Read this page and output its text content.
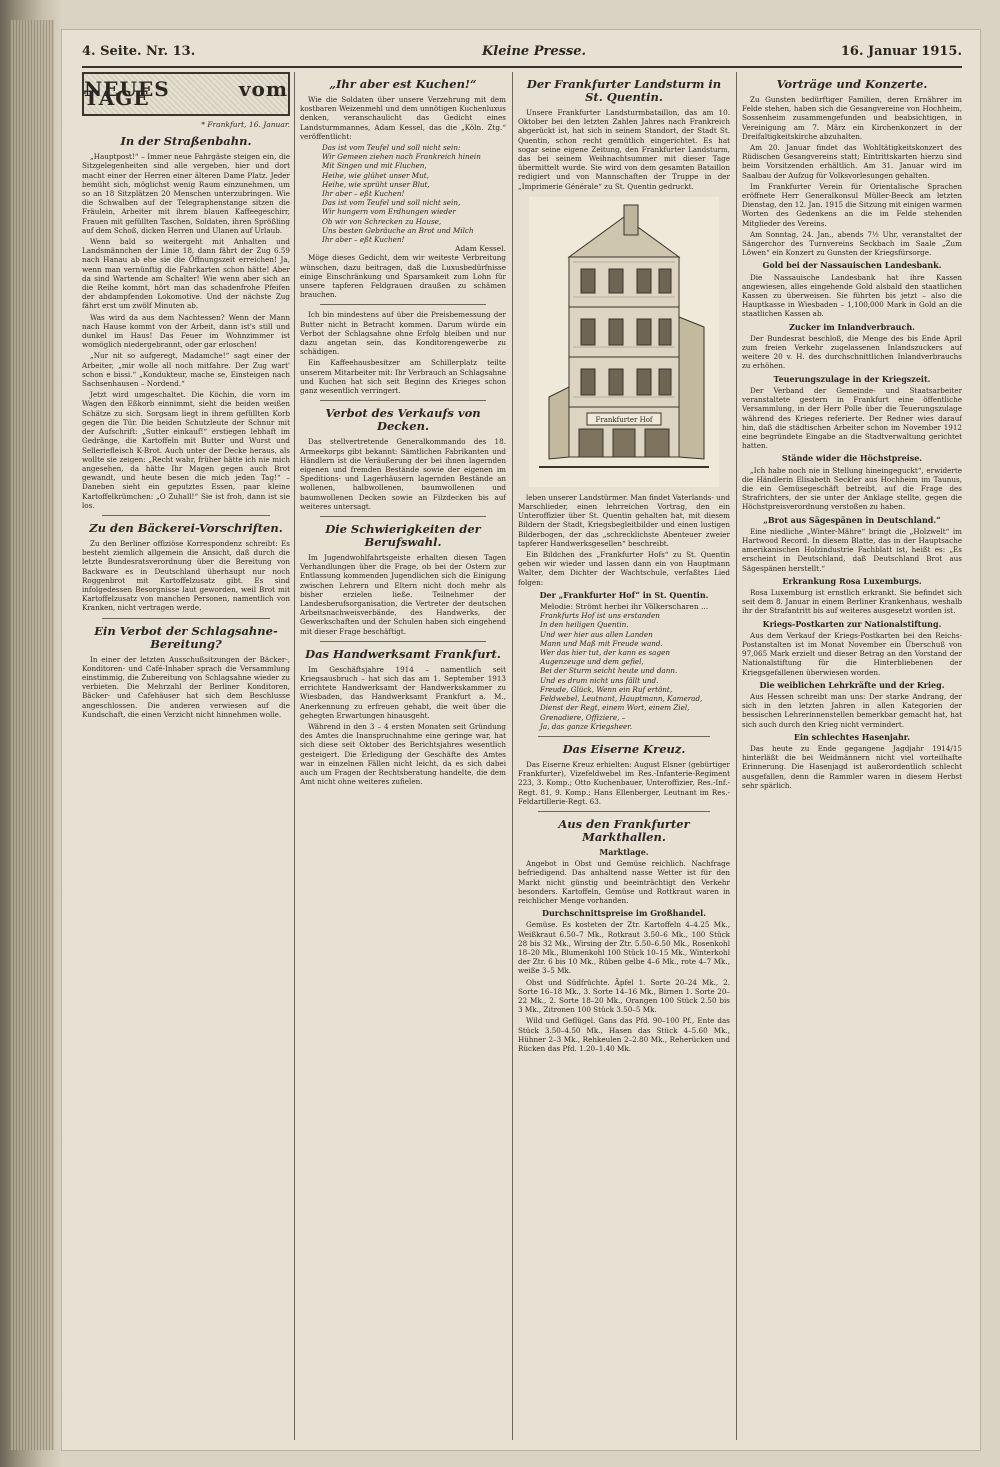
4. Seite. Nr. 13.	Kleine Presse.	16. Januar 1915.
NEUES vom TAGE
* Frankfurt, 16. Januar.
In der Straßenbahn.

„Hauptpost!“ – Immer neue Fahrgäste steigen ein, die Sitzgelegenheiten sind alle vergeben, hier und dort macht einer der Herren einer älteren Dame Platz. Jeder bemüht sich, möglichst wenig Raum einzunehmen, um so an 18 Sitzplätzen 20 Menschen unterzubringen. Wie die Schwalben auf der Telegraphenstange sitzen die Fräulein, Arbeiter mit ihrem blauen Kaffeegeschirr, Frauen mit gefüllten Taschen, Soldaten, ihren Sprößling auf dem Schoß, dicken Herren und Ulanen auf Urlaub.

Wenn bald so weitergeht mit Anhalten und Landsmännchen der Linie 18, dann fährt der Zug 6.59 nach Hanau ab ehe sie die Öffnungszeit erreichen! Ja, wenn man vernünftig die Fahrkarten schon hätte! Aber da sind Wartende am Schalter! Wie wenn aber sich an die Reihe kommt, hört man das schadenfrohe Pfeifen der abdampfenden Lokomotive. Und der nächste Zug fährt erst um zwölf Minuten ab.

Was wird da aus dem Nachtessen? Wenn der Mann nach Hause kommt von der Arbeit, dann ist's still und dunkel im Haus! Das Feuer im Wohnzimmer ist womöglich niedergebrannt, oder gar erloschen!

„Nur nit so aufgeregt, Madamche!“ sagt einer der Arbeiter, „mir wolle all noch mitfahre. Der Zug wart' schon e bissi.“ „Kondukteur, mache se, Einsteigen nach Sachsenhausen – Nordend.“

Jetzt wird umgeschaltet. Die Köchin, die vorn im Wagen den Eßkorb einnimmt, sieht die beiden weißen Schätze zu sich. Sorgsam liegt in ihrem gefüllten Korb gegen die Tür. Die beiden Schutzleute der Schnur mit der Aufschrift: „Sutter einkauf!“ erstiegen lebhaft im Gedränge, die Kartoffeln mit Butter und Wurst und Selleriefleisch K-Brot. Auch unter der Decke heraus, als wollte sie zeigen: „Recht wahr, früher hätte ich nie mich angesehen, da hätte Ihr Magen gegen auch Brot gewandt, und heute besen die mich jeden Tag!“ – Daneben sieht ein geputztes Essen, paar kleine Kartoffelkrümchen: „O Zuhall!“ Sie ist froh, dann ist sie los.

Zu den Bäckerei-Vorschriften.

Zu den Berliner offiziöse Korrespondenz schreibt: Es besteht ziemlich allgemein die Ansicht, daß durch die letzte Bundesratsverordnung über die Bereitung von Backware es in Deutschland überhaupt nur noch Roggenbrot mit Kartoffelzusatz gibt. Es sind infolgedessen Besorgnisse laut geworden, weil Brot mit Kartoffelzusatz von manchen Personen, namentlich von Kranken, nicht vertragen werde.

Ein Verbot der Schlagsahne-Bereitung?

In einer der letzten Ausschußsitzungen der Bäcker-, Konditoren- und Café-Inhaber sprach die Versammlung einstimmig, die Zubereitung von Schlagsahne wieder zu verbieten. Die Mehrzahl der Berliner Konditoren, Bäcker- und Cafehäuser hat sich dem Beschlusse angeschlossen. Die anderen verwiesen auf die Kundschaft, die einen Verzicht nicht hinnehmen wolle.

„Ihr aber est Kuchen!“

Wie die Soldaten über unsere Verzehrung mit dem kostbaren Weizenmehl und dem unnötigen Kuchenluxus denken, veranschaulicht das Gedicht eines Landsturmmannes, Adam Kessel, das die „Köln. Ztg.“ veröffentlicht:

Das ist vom Teufel und soll nicht sein:
Wir Gemeen ziehen nach Frankreich hinein
Mit Singen und mit Fluchen,
Heihe, wie glühet unser Mut,
Heihe, wie sprüht unser Blut,
Ihr aber – eßt Kuchen!
Das ist vom Teufel und soll nicht sein,
Wir hungern vom Erdhungen wieder
Ob wir von Schrecken zu Hause,
Uns besten Gebräuche an Brot und Milch
Ihr aber – eßt Kuchen!
Adam Kessel.

Möge dieses Gedicht, dem wir weiteste Verbreitung wünschen, dazu beitragen, daß die Luxusbedürfnisse einige Einschränkung und Sparsamkeit zum Lohn für unsere tapferen Feldgrauen draußen zu schämen brauchen.

Ich bin mindestens auf über die Preisbemessung der Butter nicht in Betracht kommen. Darum würde ein Verbot der Schlagsahne ohne Erfolg bleiben und nur dazu angetan sein, das Konditorengewerbe zu schädigen.

Ein Kaffeehausbesitzer am Schillerplatz teilte unserem Mitarbeiter mit: Ihr Verbrauch an Schlagsahne und Kuchen hat sich seit Beginn des Krieges schon ganz wesentlich verringert.

Verbot des Verkaufs von Decken.

Das stellvertretende Generalkommando des 18. Armeekorps gibt bekannt: Sämtlichen Fabrikanten und Händlern ist die Veräußerung der bei ihnen lagernden eigenen und fremden Bestände sowie der eigenen im Speditions- und Lagerhäusern lagernden Bestände an wollenen, halbwollenen, baumwollenen und baumwollenen Decken sowie an Filzdecken bis auf weiteres untersagt.

Die Schwierigkeiten der Berufswahl.

Im Jugendwohlfahrtsgeiste erhalten diesen Tagen Verhandlungen über die Frage, ob bei der Ostern zur Entlassung kommenden Jugendlichen sich die Einigung zwischen Lehrern und Eltern nicht doch mehr als bisher erzielen ließe. Teilnehmer der Landesberufsorganisation, die Vertreter der deutschen Arbeitsnachweisverbände, des Handwerks, der Gewerkschaften und der Schulen haben sich eingehend mit dieser Frage beschäftigt.

Das Handwerksamt Frankfurt.

Im Geschäftsjahre 1914 – namentlich seit Kriegsausbruch – hat sich das am 1. September 1913 errichtete Handwerksamt der Handwerkskammer zu Wiesbaden, das Handwerksamt Frankfurt a. M., Anerkennung zu erfreuen gehabt, die weit über die gehegten Erwartungen hinausgeht.

Während in den 3 – 4 ersten Monaten seit Gründung des Amtes die Inanspruchnahme eine geringe war, hat sich diese seit Oktober des Berichtsjahres wesentlich gesteigert. Die Erledigung der Geschäfte des Amtes war in einzelnen Fällen nicht leicht, da es sich dabei auch um Fragen der Rechtsberatung handelte, die dem Amt nicht ohne weiteres zufielen.

Der Frankfurter Landsturm in St. Quentin.

Unsere Frankfurter Landsturmbataillon, das am 10. Oktober bei den letzten Zahlen Jahres nach Frankreich abgerückt ist, hat sich in seinem Standort, der Stadt St. Quentin, schon recht gemütlich eingerichtet. Es hat sogar seine eigene Zeitung, den Frankfurter Landsturm, das bei seinem Weihnachtsummer mit dieser Tage übermittelt wurde. Sie wird von dem gesamten Bataillon redigiert und von Mannschaften der Truppe in der „Imprimerie Générale“ zu St. Quentin gedruckt.

Frankfurter Hof

leben unserer Landstürmer. Man findet Vaterlands- und Marschlieder, einen lehrreichen Vortrag, den ein Unteroffizier über St. Quentin gehalten hat, mit diesem Bildern der Stadt, Kriegsbegleitbilder und einen lustigen Bilderbogen, der das „schrecklichste Abenteuer zweier tapferer Handwerksgesellen“ beschreibt.

Ein Bildchen des „Frankfurter Hofs“ zu St. Quentin geben wir wieder und lassen dann ein von Hauptmann Walter, dem Dichter der Wachtschule, verfaßtes Lied folgen:

Der „Frankfurter Hof“ in St. Quentin.
Melodie: Strömt herbei ihr Völkerscharen ...
Frankfurts Hof ist uns erstanden
In den heiligen Quentin.
Und wer hier aus allen Landen
Mann und Maß mit Freude wand.
Wer das hier tut, der kann es sagen
Augenzeuge und dem gefiel,
Bei der Sturm seicht heute und dann.
Und es drum nicht uns fällt und.
Freude, Glück, Wenn ein Ruf ertönt,
Feldwebel, Leutnant, Hauptmann, Kamerad,
Dienst der Regt, einem Wort, einem Ziel,
Grenadiere, Offiziere, –
Ja, das ganze Kriegsheer.
Das Eiserne Kreuz.

Das Eiserne Kreuz erhielten: August Elsner (gebürtiger Frankfurter), Vizefeldwebel im Res.-Infanterie-Regiment 223, 3. Komp.; Otto Kuchenbauer, Unteroffizier, Res.-Inf.-Regt. 81, 9. Komp.; Hans Ellenberger, Leutnant im Res.-Feldartillerie-Regt. 63.

Aus den Frankfurter Markthallen.
Marktlage.

Angebot in Obst und Gemüse reichlich. Nachfrage befriedigend. Das anhaltend nasse Wetter ist für den Markt nicht günstig und beeinträchtigt den Verkehr besonders. Kartoffeln, Gemüse und Rottkraut waren in reichlicher Menge vorhanden.

Durchschnittspreise im Großhandel.

Gemüse. Es kosteten der Ztr. Kartoffeln 4–4.25 Mk., Weißkraut 6.50–7 Mk., Rotkraut 3.50–6 Mk., 100 Stück 28 bis 32 Mk., Wirsing der Ztr. 5.50–6.50 Mk., Rosenkohl 18–20 Mk., Blumenkohl 100 Stück 10–15 Mk., Winterkohl der Ztr. 6 bis 10 Mk., Rüben gelbe 4–6 Mk., rote 4–7 Mk., weiße 3–5 Mk.

Obst und Südfrüchte. Äpfel 1. Sorte 20–24 Mk., 2. Sorte 16–18 Mk., 3. Sorte 14–16 Mk., Birnen 1. Sorte 20–22 Mk., 2. Sorte 18–20 Mk., Orangen 100 Stück 2.50 bis 3 Mk., Zitronen 100 Stück 3.50–5 Mk.

Wild und Geflügel. Gans das Pfd. 90–100 Pf., Ente das Stück 3.50–4.50 Mk., Hasen das Stück 4–5.60 Mk., Hühner 2–3 Mk., Rehkeulen 2–2.80 Mk., Reherücken und Rücken das Pfd. 1.20–1.40 Mk.

Vorträge und Konzerte.

Zu Gunsten bedürftiger Familien, deren Ernährer im Felde stehen, haben sich die Gesangvereine von Hochheim, Sossenheim zusammengefunden und beabsichtigen, in Vereinigung am 7. März ein Kirchenkonzert in der Dreifaltigkeitskirche abzuhalten.

Am 20. Januar findet das Wohltätigkeitskonzert des Rüdischen Gesangvereins statt; Eintrittskarten hierzu sind beim Vorsitzenden erhältlich. Am 31. Januar wird im Saalbau der Aufzug für Volksvorlesungen gehalten.

Im Frankfurter Verein für Orientalische Sprachen eröffnete Herr Generalkonsul Müller-Beeck am letzten Dienstag, den 12. Jan. 1915 die Sitzung mit einigen warmen Worten des Gedenkens an die im Felde stehenden Mitglieder des Vereins.

Am Sonntag, 24. Jan., abends 7½ Uhr, veranstaltet der Sängerchor des Turnvereins Seckbach im Saale „Zum Löwen“ ein Konzert zu Gunsten der Kriegsfürsorge.

Gold bei der Nassauischen Landesbank.

Die Nassauische Landesbank hat ihre Kassen angewiesen, alles eingehende Gold alsbald den staatlichen Kassen zu überweisen. Sie führten bis jetzt – also die Hauptkasse in Wiesbaden – 1,100,000 Mark in Gold an die staatlichen Kassen ab.

Zucker im Inlandverbrauch.

Der Bundesrat beschloß, die Menge des bis Ende April zum freien Verkehr zugelassenen Inlandszuckers auf weitere 20 v. H. des durchschnittlichen Inlandverbrauchs zu erhöhen.

Teuerungszulage in der Kriegszeit.

Der Verband der Gemeinde- und Staatsarbeiter veranstaltete gestern in Frankfurt eine öffentliche Versammlung, in der Herr Polle über die Teuerungszulage während des Krieges referierte. Der Redner wies darauf hin, daß die städtischen Arbeiter schon im November 1912 eine begründete Eingabe an die Stadtverwaltung gerichtet hatten.

Stände wider die Höchstpreise.

„Ich habe noch nie in Stellung hineingeguckt“, erwiderte die Händlerin Elisabeth Seckler aus Hochheim im Taunus, die ein Gemüsegeschäft betreibt, auf die Frage des Strafrichters, der sie unter der Anklage stellte, gegen die Höchstpreisverordnung verstoßen zu haben.

„Brot aus Sägespänen in Deutschland.“

Eine niedliche „Winter-Mähre“ bringt die „Holzwelt“ im Hartwood Record. In diesem Blatte, das in der Hauptsache amerikanischen Holzindustrie Fachblatt ist, heißt es: „Es erscheint in Deutschland, daß Deutschland Brot aus Sägespänen herstellt.“

Erkrankung Rosa Luxemburgs.

Rosa Luxemburg ist ernstlich erkrankt. Sie befindet sich seit dem 8. Januar in einem Berliner Krankenhaus, weshalb ihr der Strafantritt bis auf weiteres ausgesetzt worden ist.

Kriegs-Postkarten zur Nationalstiftung.

Aus dem Verkauf der Kriegs-Postkarten bei den Reichs-Postanstalten ist im Monat November ein Überschuß von 97,065 Mark erzielt und dieser Betrag an den Vorstand der Nationalstiftung für die Hinterbliebenen der Kriegsgefallenen überwiesen worden.

Die weiblichen Lehrkräfte und der Krieg.

Aus Hessen schreibt man uns: Der starke Andrang, der sich in den letzten Jahren in allen Kategorien der bessischen Lehrerinnenstellen bemerkbar gemacht hat, hat sich auch durch den Krieg nicht vermindert.

Ein schlechtes Hasenjahr.

Das heute zu Ende gegangene Jagdjahr 1914/15 hinterläßt die bei Weidmännern nicht viel vorteilhafte Erinnerung. Die Hasenjagd ist außerordentlich schlecht ausgefallen, denn die Rammler waren in diesem Herbst sehr spärlich.
